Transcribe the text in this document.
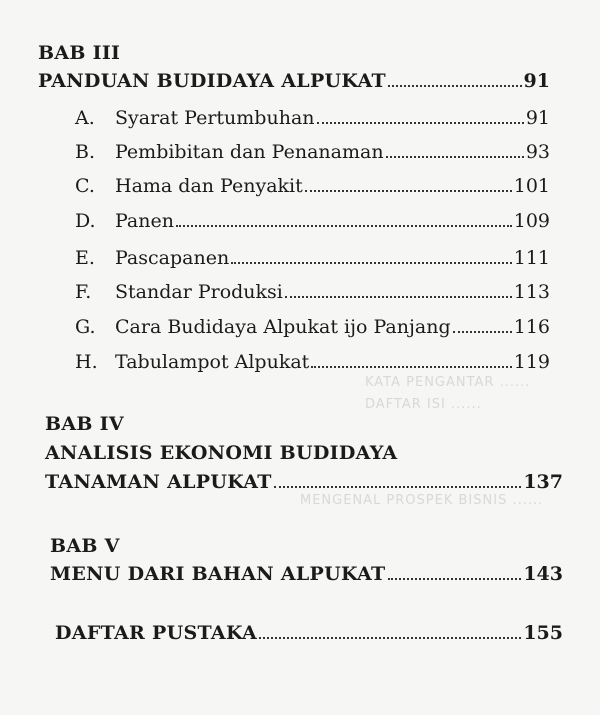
KATA PENGANTAR ......
DAFTAR ISI ......
MENGENAL PROSPEK BISNIS ......
BAB III
PANDUAN BUDIDAYA ALPUKAT	91
A.	Syarat Pertumbuhan	91
B.	Pembibitan dan Penanaman	93
C.	Hama dan Penyakit	101
D.	Panen	109
E.	Pascapanen	111
F.	Standar Produksi	113
G.	Cara Budidaya Alpukat ijo Panjang	116
H. Tabulampot Alpukat	119
BAB IV
ANALISIS EKONOMI BUDIDAYA
TANAMAN ALPUKAT	137
BAB V
MENU DARI BAHAN ALPUKAT	143
DAFTAR PUSTAKA	155
